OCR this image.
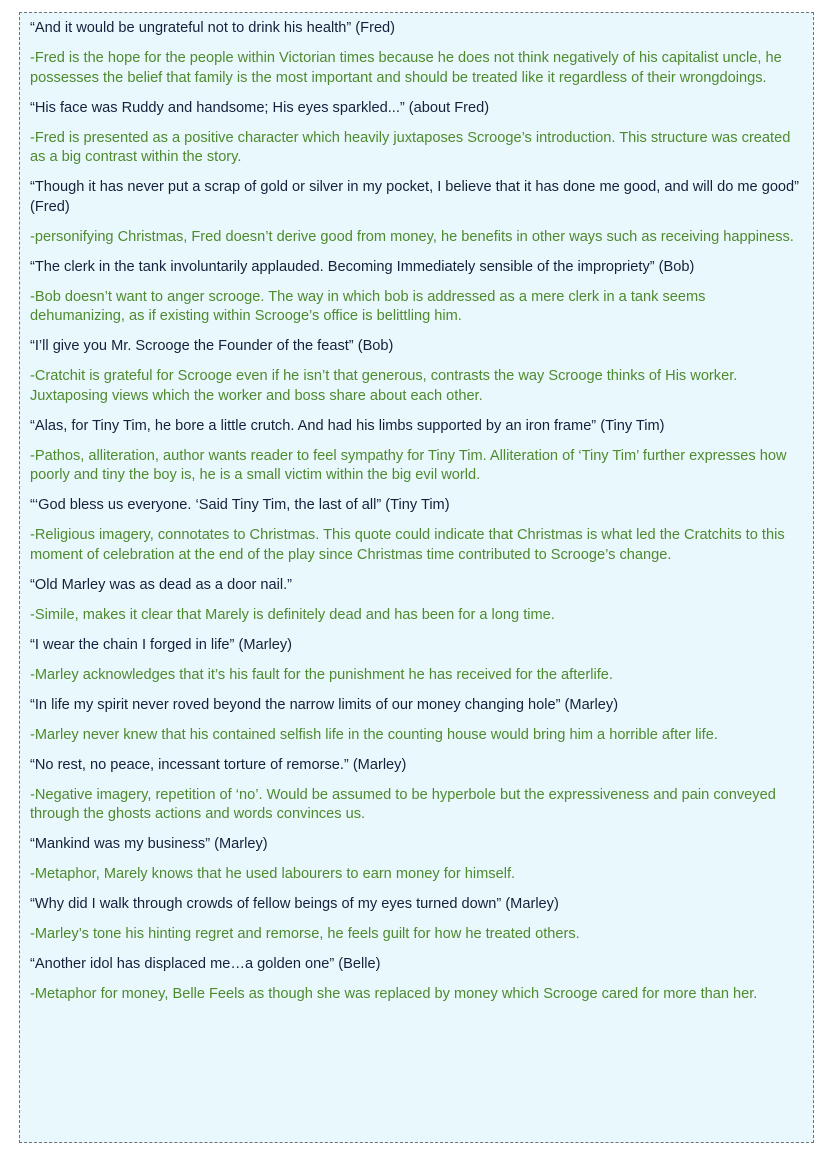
“And it would be ungrateful not to drink his health” (Fred)

-Fred is the hope for the people within Victorian times because he does not think negatively of his capitalist uncle, he possesses the belief that family is the most important and should be treated like it regardless of their wrongdoings.

“His face was Ruddy and handsome; His eyes sparkled...” (about Fred)

-Fred is presented as a positive character which heavily juxtaposes Scrooge’s introduction. This structure was created as a big contrast within the story.

“Though it has never put a scrap of gold or silver in my pocket, I believe that it has done me good, and will do me good” (Fred)

-personifying Christmas, Fred doesn’t derive good from money, he benefits in other ways such as receiving happiness.

“The clerk in the tank involuntarily applauded. Becoming Immediately sensible of the impropriety” (Bob)

-Bob doesn’t want to anger scrooge. The way in which bob is addressed as a mere clerk in a tank seems dehumanizing, as if existing within Scrooge’s office is belittling him.

“I’ll give you Mr. Scrooge the Founder of the feast” (Bob)

-Cratchit is grateful for Scrooge even if he isn’t that generous, contrasts the way Scrooge thinks of His worker. Juxtaposing views which the worker and boss share about each other.

“Alas, for Tiny Tim, he bore a little crutch. And had his limbs supported by an iron frame” (Tiny Tim)

-Pathos, alliteration, author wants reader to feel sympathy for Tiny Tim. Alliteration of ‘Tiny Tim’ further expresses how poorly and tiny the boy is, he is a small victim within the big evil world.

“‘God bless us everyone. ‘Said Tiny Tim, the last of all” (Tiny Tim)

-Religious imagery, connotates to Christmas. This quote could indicate that Christmas is what led the Cratchits to this moment of celebration at the end of the play since Christmas time contributed to Scrooge’s change.

“Old Marley was as dead as a door nail.”

-Simile, makes it clear that Marely is definitely dead and has been for a long time.

“I wear the chain I forged in life” (Marley)

-Marley acknowledges that it’s his fault for the punishment he has received for the afterlife.

“In life my spirit never roved beyond the narrow limits of our money changing hole” (Marley)

-Marley never knew that his contained selfish life in the counting house would bring him a horrible after life.

“No rest, no peace, incessant torture of remorse.” (Marley)

-Negative imagery, repetition of ‘no’. Would be assumed to be hyperbole but the expressiveness and pain conveyed through the ghosts actions and words convinces us.

“Mankind was my business” (Marley)

-Metaphor, Marely knows that he used labourers to earn money for himself.

“Why did I walk through crowds of fellow beings of my eyes turned down” (Marley)

-Marley’s tone his hinting regret and remorse, he feels guilt for how he treated others.

“Another idol has displaced me…a golden one” (Belle)

-Metaphor for money, Belle Feels as though she was replaced by money which Scrooge cared for more than her.
